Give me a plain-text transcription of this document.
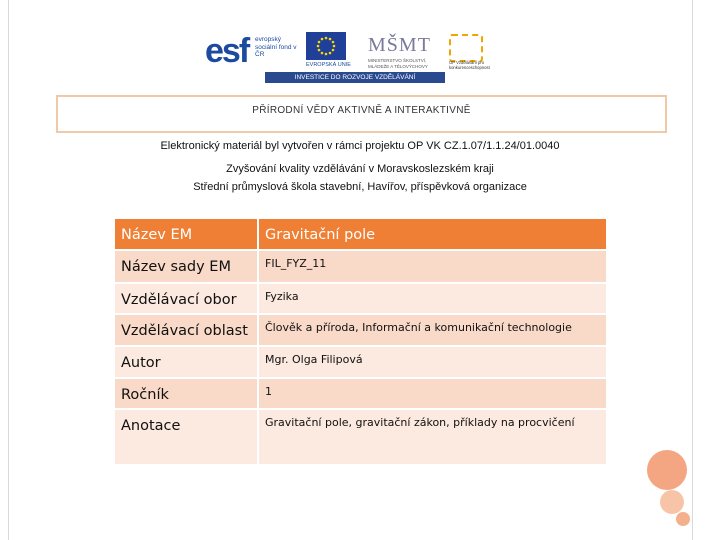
esf	evropský sociální fond v ČR
EVROPSKÁ UNIE
MŠMT
MINISTERSTVO ŠKOLSTVÍ, MLÁDEŽE A TĚLOVÝCHOVY
OP Vzdělávání pro konkurenceschopnost
INVESTICE DO ROZVOJE VZDĚLÁVÁNÍ
PŘÍRODNÍ VĚDY AKTIVNĚ A INTERAKTIVNĚ
Elektronický materiál byl vytvořen v rámci projektu OP VK CZ.1.07/1.1.24/01.0040
Zvyšování kvality vzdělávání v Moravskoslezském kraji
Střední průmyslová škola stavební, Havířov, příspěvková organizace
Název EM	Gravitační pole

Název sady EM	FIL_FYZ_11

Vzdělávací obor	Fyzika

Vzdělávací oblast	Člověk a příroda, Informační a komunikační technologie

Autor	Mgr. Olga Filipová

Ročník	1

Anotace	Gravitační pole, gravitační zákon, příklady na procvičení
